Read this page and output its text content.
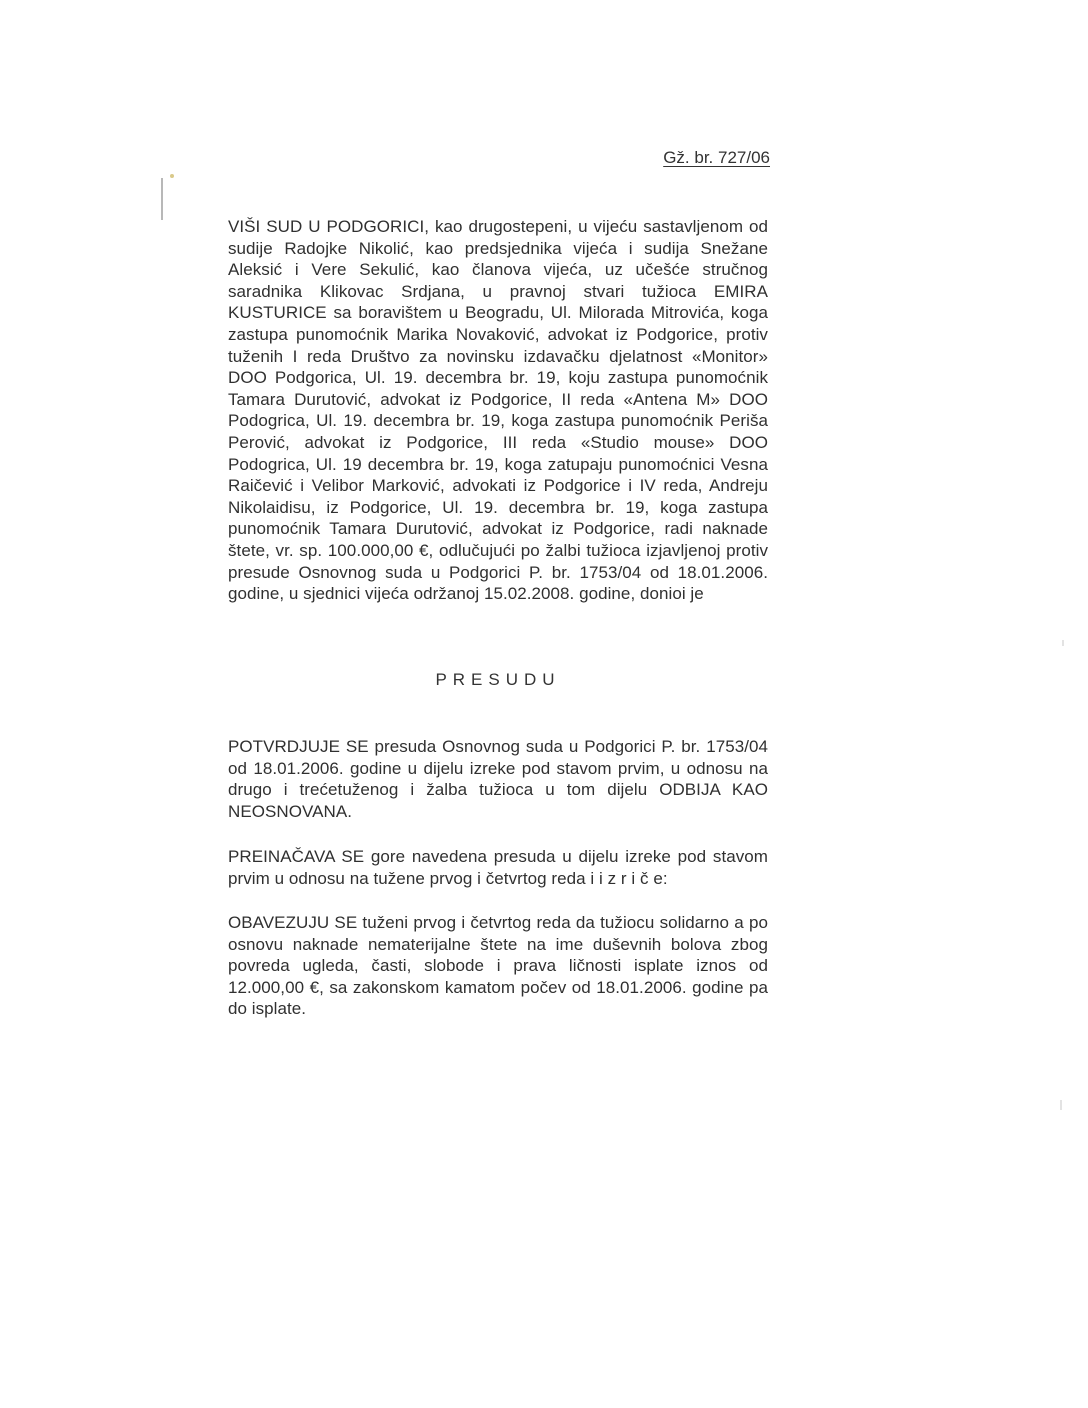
Gž. br. 727/06
VIŠI SUD U PODGORICI, kao drugostepeni, u vijeću sastavljenom od sudije Radojke Nikolić, kao predsjednika vijeća i sudija Snežane Aleksić i Vere Sekulić, kao članova vijeća, uz učešće stručnog saradnika Klikovac Srdjana, u pravnoj stvari tužioca EMIRA KUSTURICE sa boravištem u Beogradu, Ul. Milorada Mitrovića, koga zastupa punomoćnik Marika Novaković, advokat iz Podgorice, protiv tuženih I reda Društvo za novinsku izdavačku djelatnost «Monitor» DOO Podgorica, Ul. 19. decembra br. 19, koju zastupa punomoćnik Tamara Durutović, advokat iz Podgorice, II reda «Antena M» DOO Podogrica, Ul. 19. decembra br. 19, koga zastupa punomoćnik Periša Perović, advokat iz Podgorice, III reda «Studio mouse» DOO Podogrica, Ul. 19 decembra br. 19, koga zatupaju punomoćnici Vesna Raičević i Velibor Marković, advokati iz Podgorice i IV reda, Andreju Nikolaidisu, iz Podgorice, Ul. 19. decembra br. 19, koga zastupa punomoćnik Tamara Durutović, advokat iz Podgorice, radi naknade štete, vr. sp. 100.000,00 €, odlučujući po žalbi tužioca izjavljenoj protiv presude Osnovnog suda u Podgorici P. br. 1753/04 od 18.01.2006. godine, u sjednici vijeća održanoj 15.02.2008. godine, donioi je
PRESUDU
POTVRDJUJE SE presuda Osnovnog suda u Podgorici P. br. 1753/04 od 18.01.2006. godine u dijelu izreke pod stavom prvim, u odnosu na drugo i trećetuženog i žalba tužioca u tom dijelu ODBIJA KAO NEOSNOVANA.
PREINAČAVA SE gore navedena presuda u dijelu izreke pod stavom prvim u odnosu na tužene prvog i četvrtog reda i i z r i č e:
OBAVEZUJU SE tuženi prvog i četvrtog reda da tužiocu solidarno a po osnovu naknade nematerijalne štete na ime duševnih bolova zbog povreda ugleda, časti, slobode i prava ličnosti isplate iznos od 12.000,00 €, sa zakonskom kamatom počev od 18.01.2006. godine pa do isplate.
